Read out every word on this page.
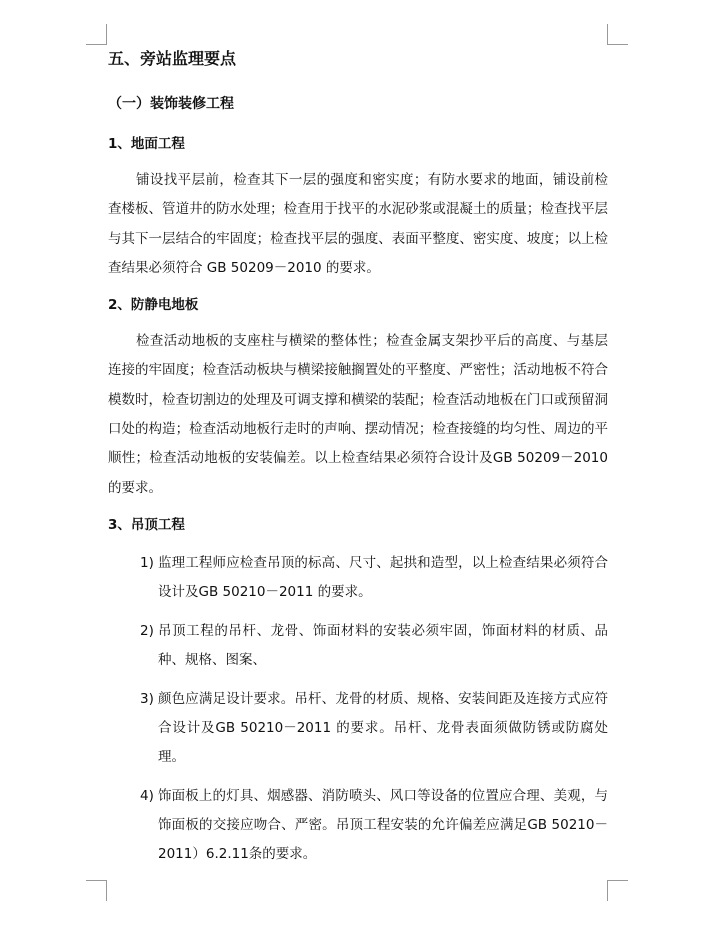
五、旁站监理要点
（一）装饰装修工程
1、地面工程

铺设找平层前，检查其下一层的强度和密实度；有防水要求的地面，铺设前检查楼板、管道井的防水处理；检查用于找平的水泥砂浆或混凝土的质量；检查找平层与其下一层结合的牢固度；检查找平层的强度、表面平整度、密实度、坡度；以上检查结果必须符合 GB 50209－2010 的要求。

2、防静电地板

检查活动地板的支座柱与横梁的整体性；检查金属支架抄平后的高度、与基层连接的牢固度；检查活动板块与横梁接触搁置处的平整度、严密性；活动地板不符合模数时，检查切割边的处理及可调支撑和横梁的装配；检查活动地板在门口或预留洞口处的构造；检查活动地板行走时的声响、摆动情况；检查接缝的均匀性、周边的平顺性；检查活动地板的安装偏差。以上检查结果必须符合设计及GB 50209－2010 的要求。

3、吊顶工程
1) 监理工程师应检查吊顶的标高、尺寸、起拱和造型，以上检查结果必须符合设计及GB 50210－2011 的要求。
2) 吊顶工程的吊杆、龙骨、饰面材料的安装必须牢固，饰面材料的材质、品种、规格、图案、
3) 颜色应满足设计要求。吊杆、龙骨的材质、规格、安装间距及连接方式应符合设计及GB 50210－2011 的要求。吊杆、龙骨表面须做防锈或防腐处理。
4) 饰面板上的灯具、烟感器、消防喷头、风口等设备的位置应合理、美观，与饰面板的交接应吻合、严密。吊顶工程安装的允许偏差应满足GB 50210－2011）6.2.11条的要求。
